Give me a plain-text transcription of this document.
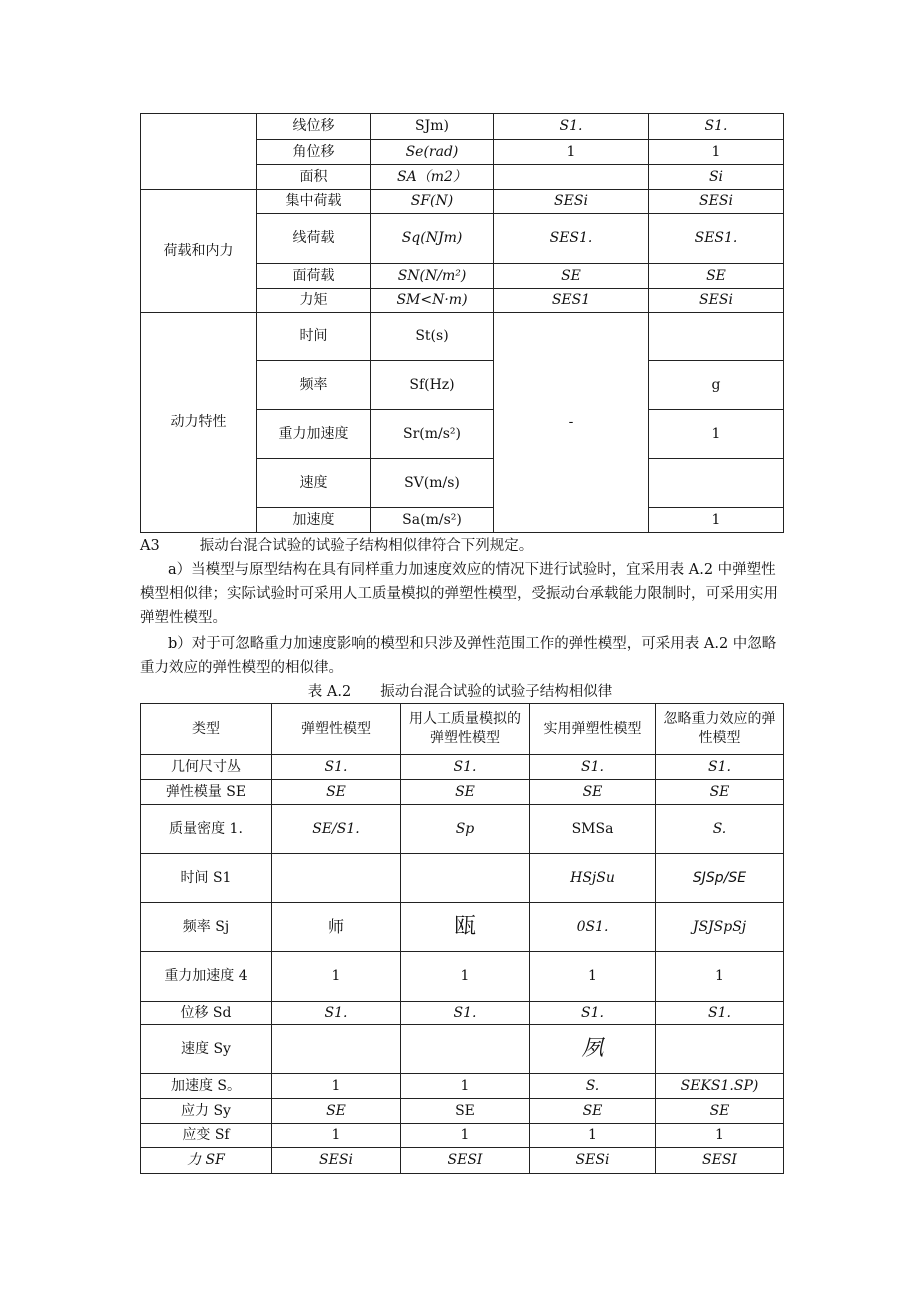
	线位移	SJm)	S1.	S1.
	角位移	Se(rad)	1	1
	面积	SA（m2）		Si
荷载和内力	集中荷载	SF(N)	SESi	SESi
	线荷载	Sq(NJm)	SES1.	SES1.
	面荷载	SN(N/m²)	SE	SE
	力矩	SM<N·m)	SES1	SESi
动力特性	时间	St(s)	-	
	频率	Sf(Hz)		g
	重力加速度	Sr(m/s²)		1
	速度	SV(m/s)		
	加速度	Sa(m/s²)		1
A3	振动台混合试验的试验子结构相似律符合下列规定。

a）当模型与原型结构在具有同样重力加速度效应的情况下进行试验时，宜采用表 A.2 中弹塑性模型相似律；实际试验时可采用人工质量模拟的弹塑性模型，受振动台承载能力限制时，可采用实用弹塑性模型。

b）对于可忽略重力加速度影响的模型和只涉及弹性范围工作的弹性模型，可采用表 A.2 中忽略重力效应的弹性模型的相似律。

表 A.2　　振动台混合试验的试验子结构相似律
类型	弹塑性模型	用人工质量模拟的弹塑性模型	实用弹塑性模型	忽略重力效应的弹性模型
几何尺寸丛	S1.	S1.	S1.	S1.
弹性模量 SE	SE	SE	SE	SE
质量密度 1.	SE/S1.	Sp	SMSa	S.
时间 S1			HSjSu	SJSp/SE
频率 Sj	师	瓯	0S1.	JSJSpSj
重力加速度 4	1	1	1	1
位移 Sd	S1.	S1.	S1.	S1.
速度 Sy			夙	
加速度 S。	1	1	S.	SEKS1.SP)
应力 Sy	SE	SE	SE	SE
应变 Sf	1	1	1	1
力 SF	SESi	SESI	SESi	SESI
